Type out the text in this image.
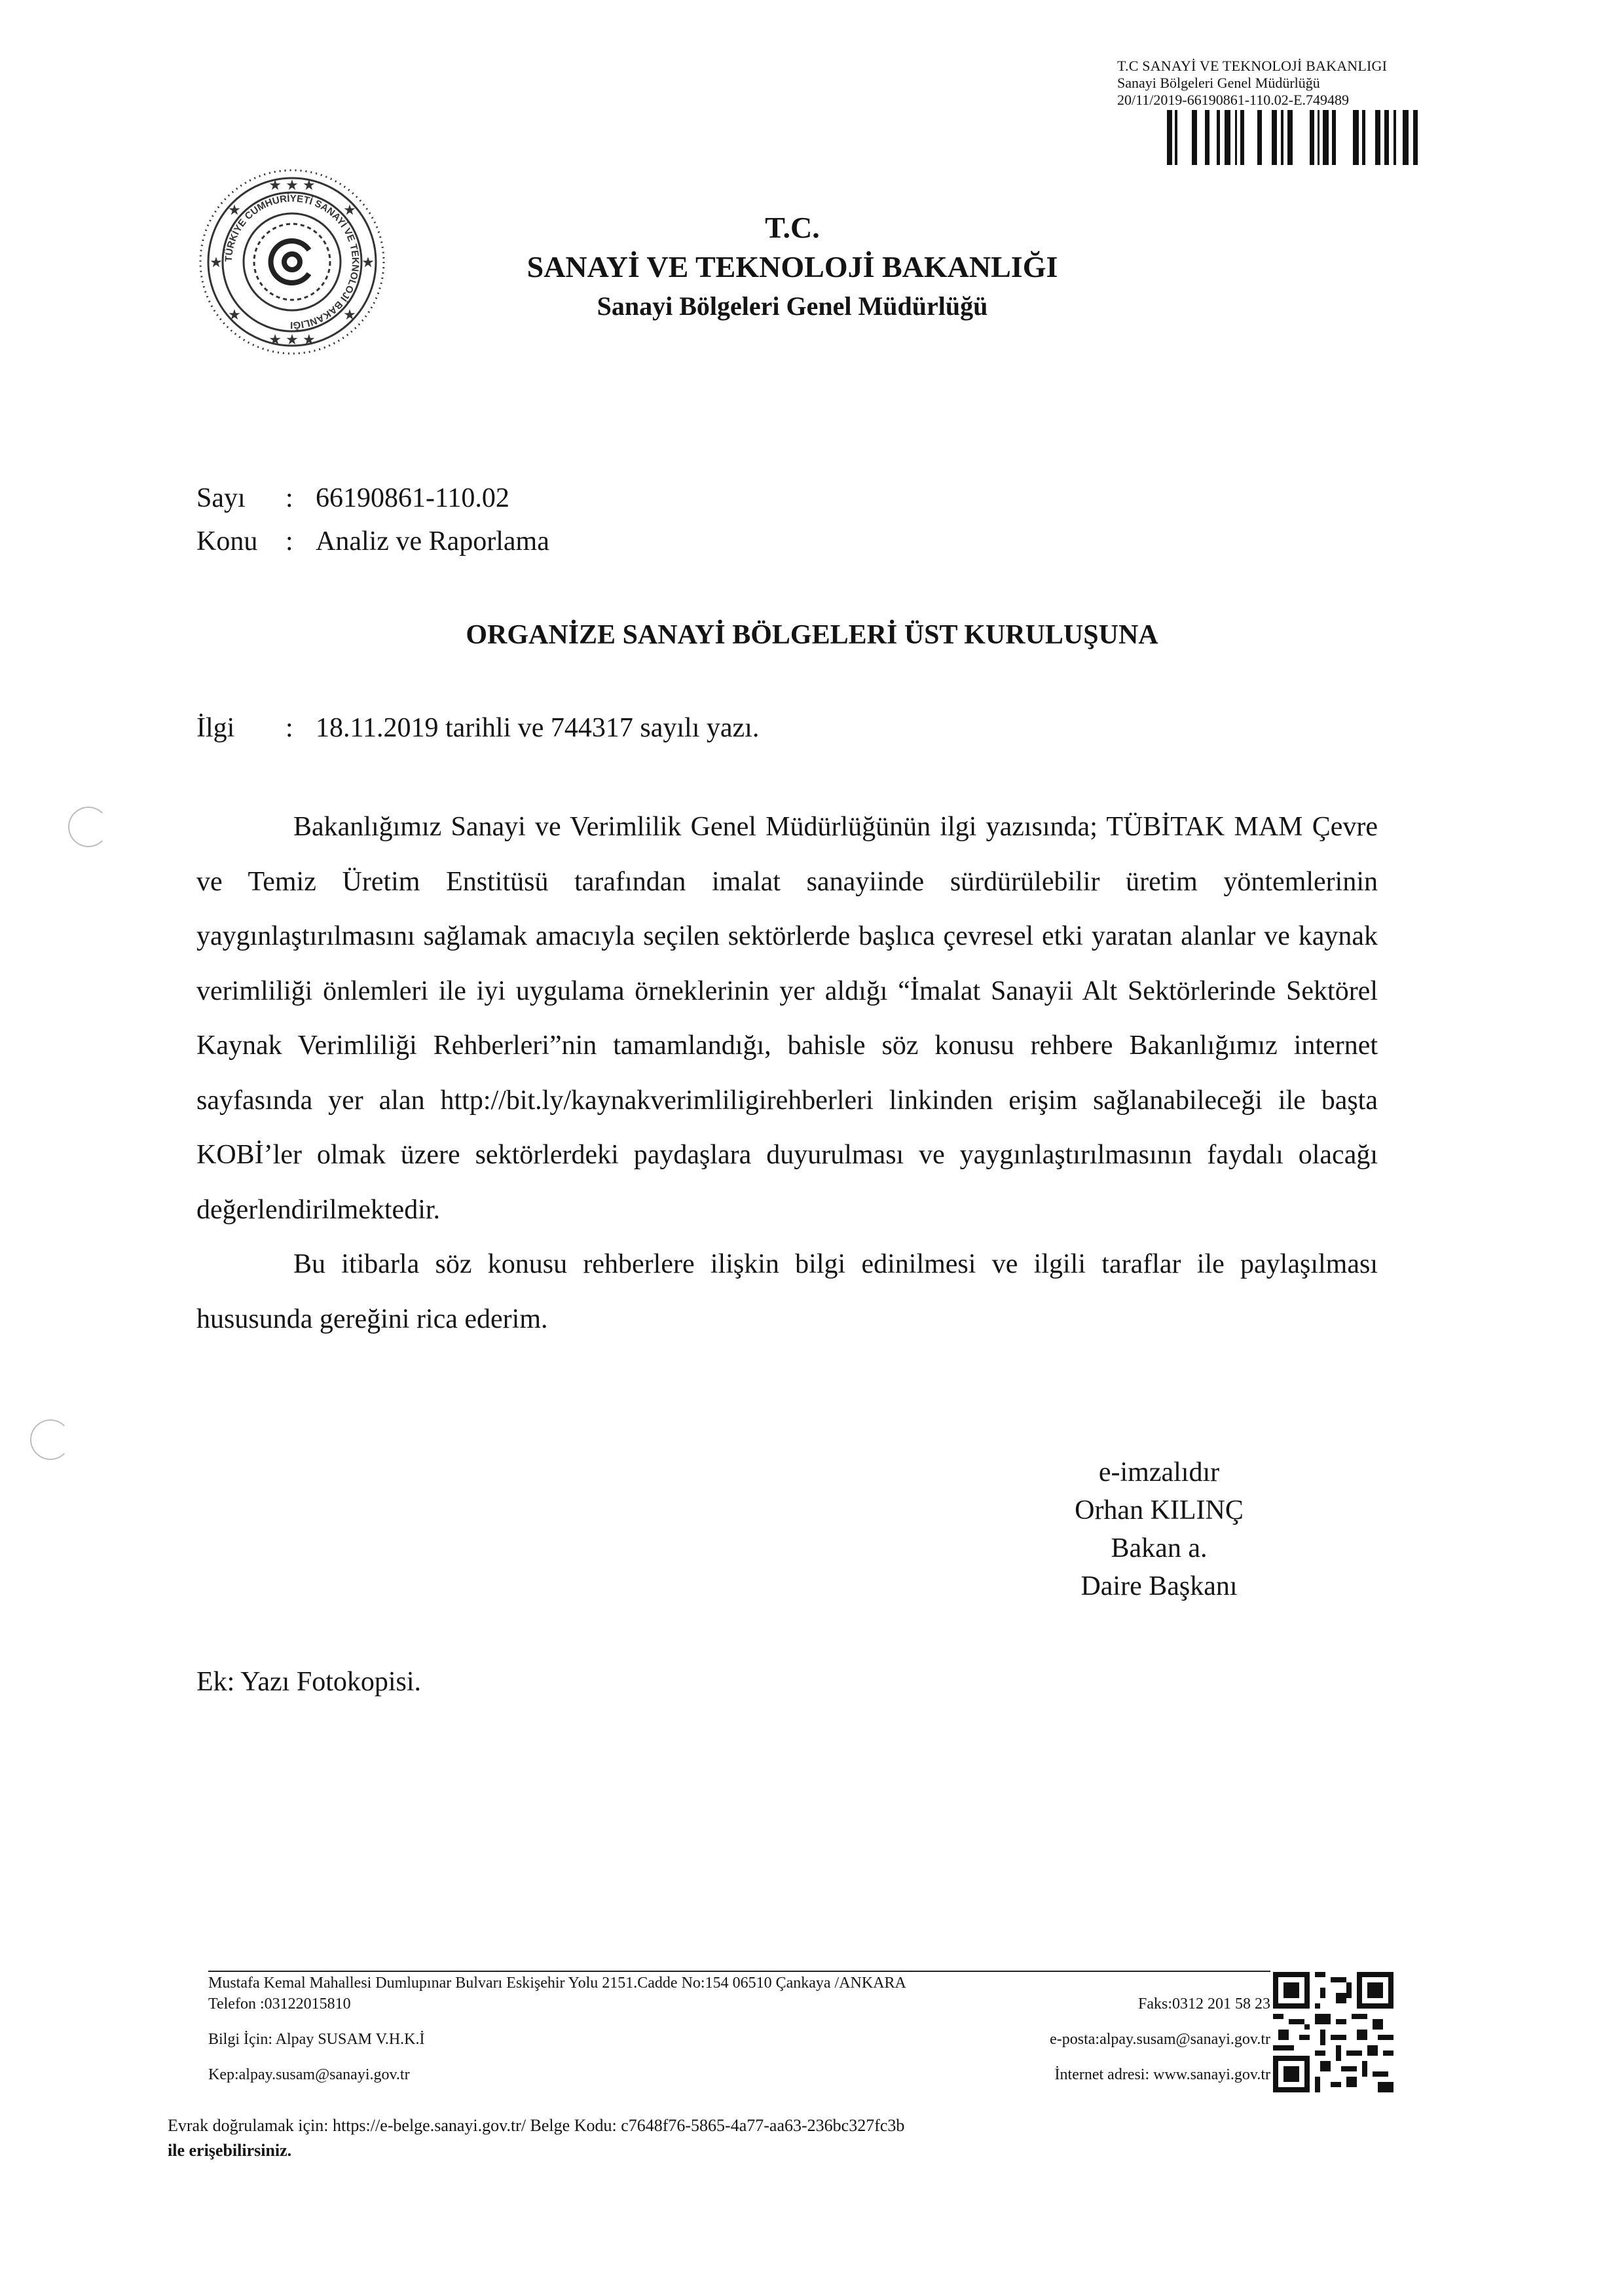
T.C SANAYİ VE TEKNOLOJİ BAKANLIGI
Sanayi Bölgeleri Genel Müdürlüğü
20/11/2019-66190861-110.02-E.749489
★ ★ ★
★ ★ ★
★	★
★	★
★	★
TÜRKİYE CUMHURİYETİ SANAYİ VE TEKNOLOJİ BAKANLIĞI
T.C.
SANAYİ VE TEKNOLOJİ BAKANLIĞI
Sanayi Bölgeleri Genel Müdürlüğü
Sayı	: 66190861-110.02
Konu	: Analiz ve Raporlama
ORGANİZE SANAYİ BÖLGELERİ ÜST KURULUŞUNA
İlgi	: 18.11.2019 tarihli ve 744317 sayılı yazı.

Bakanlığımız Sanayi ve Verimlilik Genel Müdürlüğünün ilgi yazısında; TÜBİTAK MAM Çevre ve Temiz Üretim Enstitüsü tarafından imalat sanayiinde sürdürülebilir üretim yöntemlerinin yaygınlaştırılmasını sağlamak amacıyla seçilen sektörlerde başlıca çevresel etki yaratan alanlar ve kaynak verimliliği önlemleri ile iyi uygulama örneklerinin yer aldığı “İmalat Sanayii Alt Sektörlerinde Sektörel Kaynak Verimliliği Rehberleri”nin tamamlandığı, bahisle söz konusu rehbere Bakanlığımız internet sayfasında yer alan http://bit.ly/kaynakverimliligirehberleri linkinden erişim sağlanabileceği ile başta KOBİ’ler olmak üzere sektörlerdeki paydaşlara duyurulması ve yaygınlaştırılmasının faydalı olacağı değerlendirilmektedir.

Bu itibarla söz konusu rehberlere ilişkin bilgi edinilmesi ve ilgili taraflar ile paylaşılması hususunda gereğini rica ederim.

e-imzalıdır
Orhan KILINÇ
Bakan a.
Daire Başkanı
Ek: Yazı Fotokopisi.
Mustafa Kemal Mahallesi Dumlupınar Bulvarı Eskişehir Yolu 2151.Cadde No:154 06510 Çankaya /ANKARA
Telefon :03122015810	Faks:0312 201 58 23
Bilgi İçin: Alpay SUSAM V.H.K.İ	e-posta:alpay.susam@sanayi.gov.tr
Kep:alpay.susam@sanayi.gov.tr	İnternet adresi: www.sanayi.gov.tr
Evrak doğrulamak için: https://e-belge.sanayi.gov.tr/ Belge Kodu: c7648f76-5865-4a77-aa63-236bc327fc3b
ile erişebilirsiniz.
